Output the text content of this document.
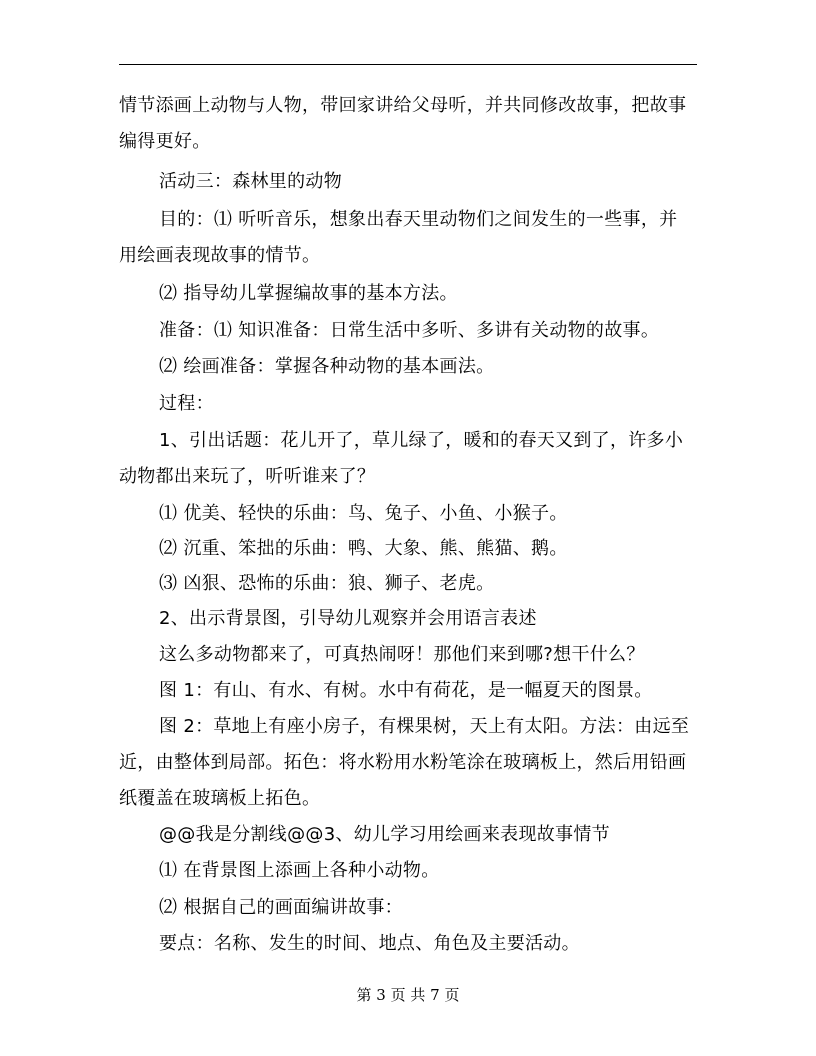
情节添画上动物与人物，带回家讲给父母听，并共同修改故事，把故事
编得更好。
活动三：森林里的动物
目的：⑴ 听听音乐，想象出春天里动物们之间发生的一些事，并
用绘画表现故事的情节。
⑵ 指导幼儿掌握编故事的基本方法。
准备：⑴ 知识准备：日常生活中多听、多讲有关动物的故事。
⑵ 绘画准备：掌握各种动物的基本画法。
过程：
1、引出话题：花儿开了，草儿绿了，暖和的春天又到了，许多小
动物都出来玩了，听听谁来了？
⑴ 优美、轻快的乐曲：鸟、兔子、小鱼、小猴子。
⑵ 沉重、笨拙的乐曲：鸭、大象、熊、熊猫、鹅。
⑶ 凶狠、恐怖的乐曲：狼、狮子、老虎。
2、出示背景图，引导幼儿观察并会用语言表述
这么多动物都来了，可真热闹呀！那他们来到哪?想干什么？
图 1：有山、有水、有树。水中有荷花，是一幅夏天的图景。
图 2：草地上有座小房子，有棵果树，天上有太阳。方法：由远至
近，由整体到局部。拓色：将水粉用水粉笔涂在玻璃板上，然后用铅画
纸覆盖在玻璃板上拓色。
@@我是分割线@@3、幼儿学习用绘画来表现故事情节
⑴ 在背景图上添画上各种小动物。
⑵ 根据自己的画面编讲故事：
要点：名称、发生的时间、地点、角色及主要活动。
第 3 页 共 7 页
